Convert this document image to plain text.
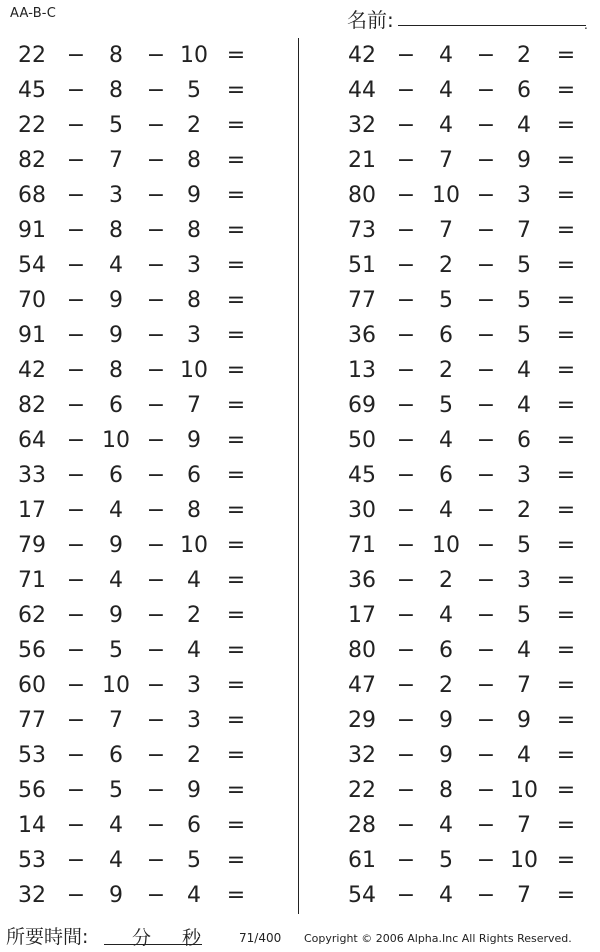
AA-B-C	名前:	.
22 −	8	− 10 =
45 −	8	− 5	=
22 −	5	− 2	=
82 −	7	− 8	=
68 −	3	− 9	=
91 −	8	− 8	=
54 −	4	− 3	=
70 −	9	− 8	=
91 −	9	− 3	=
42 −	8	− 10 =
82 −	6	− 7	=
64 − 10 − 9	=
33 −	6	− 6	=
17 −	4	− 8	=
79 −	9	− 10 =
71 −	4	− 4	=
62 −	9	− 2	=
56 −	5	− 4	=
60 − 10 − 3	=
77 −	7	− 3	=
53 −	6	− 2	=
56 −	5	− 9	=
14 −	4	− 6	=
53 −	4	− 5	=
32 −	9	− 4	=
42 −	4	− 2	=
44 −	4	− 6	=
32 −	4	− 4	=
21 −	7	− 9	=
80 − 10 − 3	=
73 −	7	− 7	=
51 −	2	− 5	=
77 −	5	− 5	=
36 −	6	− 5	=
13 −	2	− 4	=
69 −	5	− 4	=
50 −	4	− 6	=
45 −	6	− 3	=
30 −	4	− 2	=
71 − 10 − 5	=
36 −	2	− 3	=
17 −	4	− 5	=
80 −	6	− 4	=
47 −	2	− 7	=
29 −	9	− 9	=
32 −	9	− 4	=
22 −	8	− 10 =
28 −	4	− 7	=
61 −	5	− 10 =
54 −	4	− 7	=
所要時間: 分 秒	71/400 Copyright © 2006 Alpha.Inc All Rights Reserved.
